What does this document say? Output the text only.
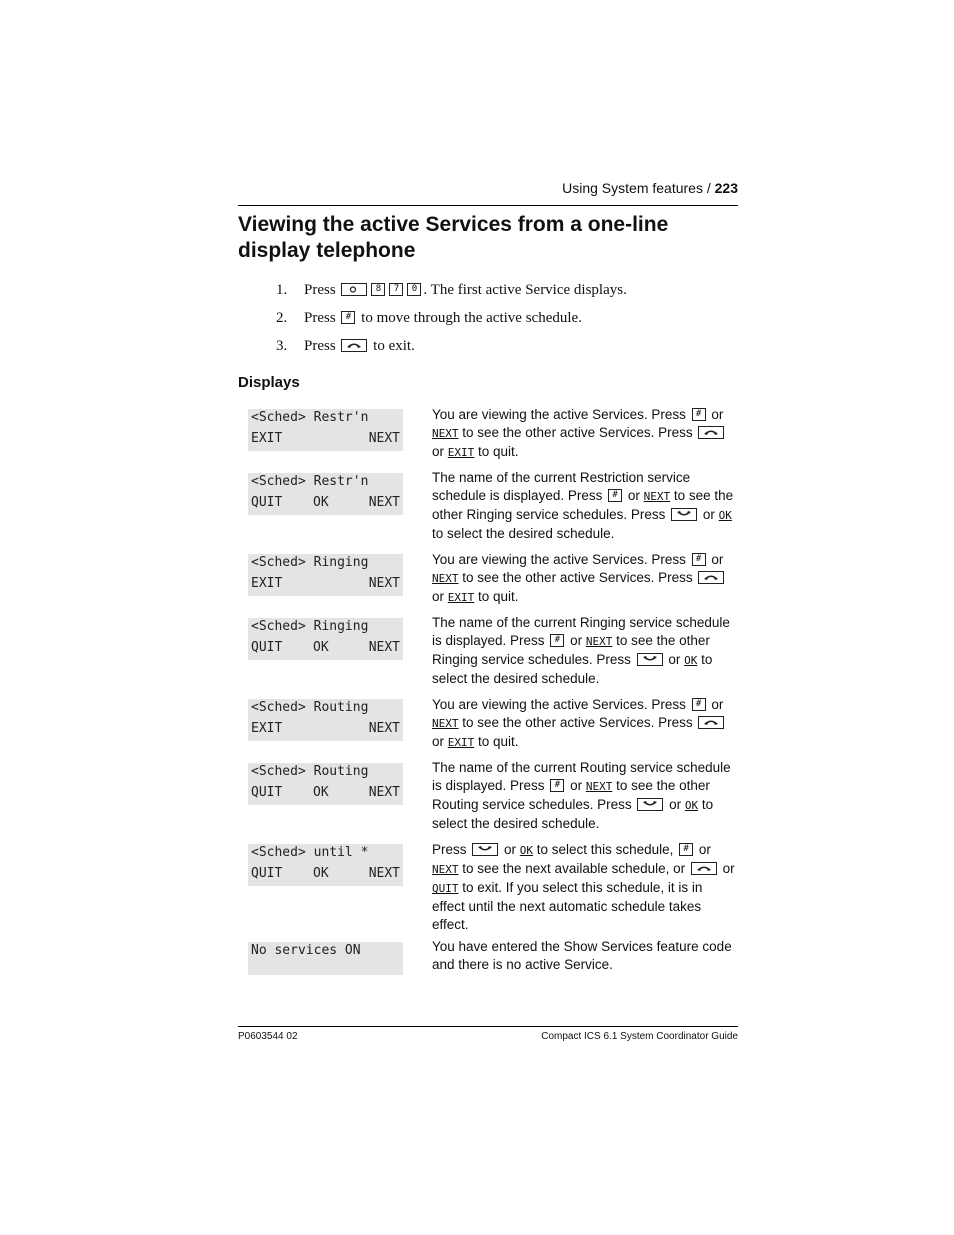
Using System features / 223
Viewing the active Services from a one-line display telephone
1. Press	8 7 0 . The first active Service displays.
2. Press # to move through the active schedule.
3. Press	to exit.
Displays
<Sched> Restr'n
EXIT	NEXT
You are viewing the active Services. Press # or NEXT to see the other active Services. Press
or EXIT to quit.
<Sched> Restr'n
QUIT OK	NEXT
The name of the current Restriction service schedule is displayed. Press # or NEXT to see the other Ringing service schedules. Press
or OK to select the desired schedule.
<Sched> Ringing
EXIT	NEXT
You are viewing the active Services. Press # or NEXT to see the other active Services. Press
or EXIT to quit.
<Sched> Ringing
QUIT OK	NEXT
The name of the current Ringing service schedule is displayed. Press # or NEXT to see the other Ringing service schedules. Press
or OK to select the desired schedule.
<Sched> Routing
EXIT	NEXT
You are viewing the active Services. Press # or NEXT to see the other active Services. Press
or EXIT to quit.
<Sched> Routing
QUIT OK	NEXT
The name of the current Routing service schedule is displayed. Press # or NEXT to see the other Routing service schedules. Press
or OK to select the desired schedule.
<Sched> until *
QUIT OK	NEXT
Press
or OK to select this schedule, # or NEXT to see the next available schedule, or
or QUIT to exit. If you select this schedule, it is in effect until the next automatic schedule takes effect.
No services ON	You have entered the Show Services feature code and there is no active Service.
P0603544 02	Compact ICS 6.1 System Coordinator Guide
